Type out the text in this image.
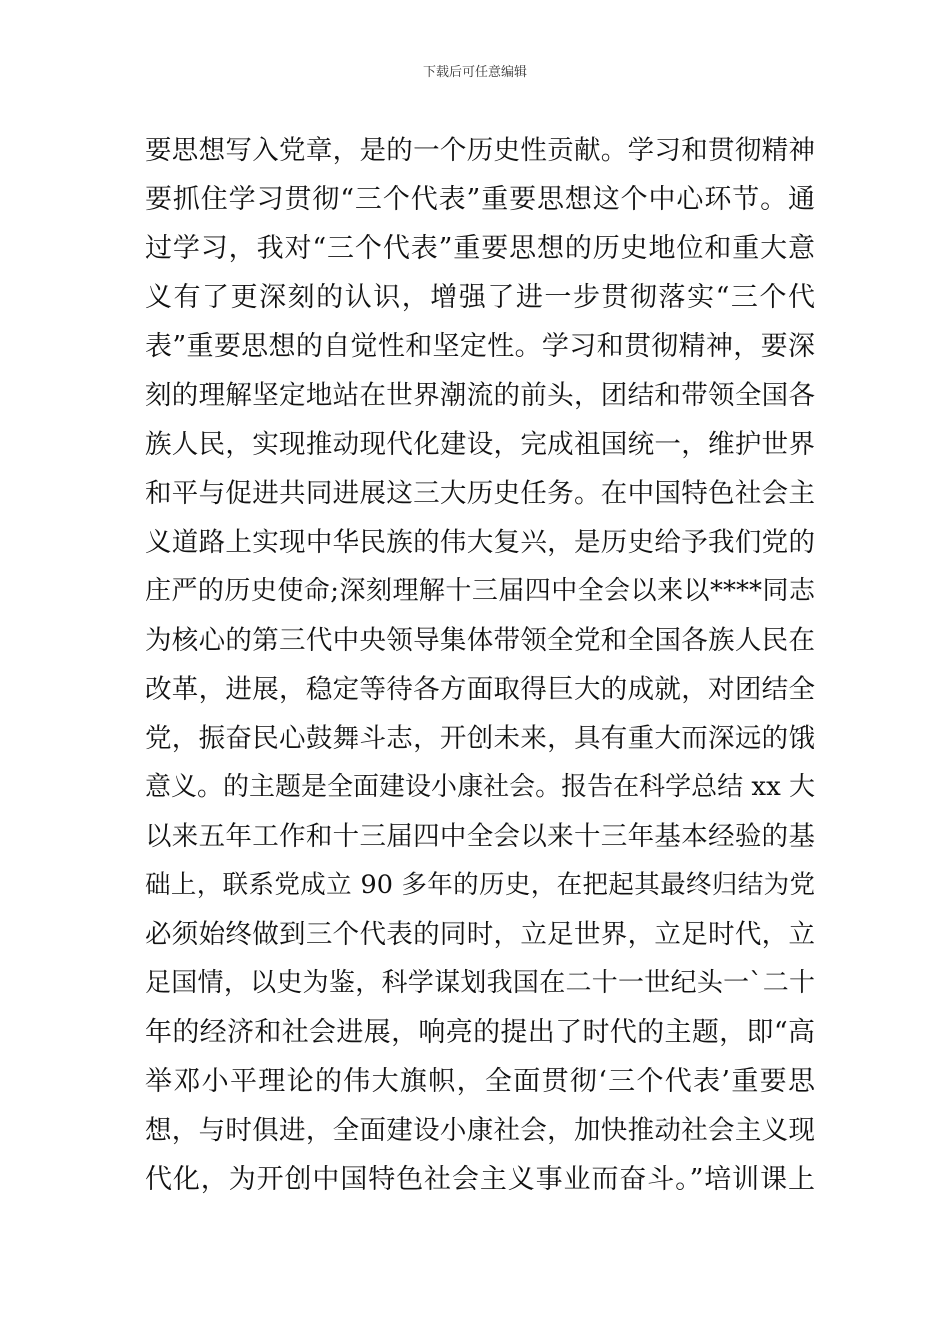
下载后可任意编辑
要思想写入党章，是的一个历史性贡献。学习和贯彻精神
要抓住学习贯彻“三个代表”重要思想这个中心环节。通
过学习，我对“三个代表”重要思想的历史地位和重大意
义有了更深刻的认识，增强了进一步贯彻落实“三个代
表”重要思想的自觉性和坚定性。学习和贯彻精神，要深
刻的理解坚定地站在世界潮流的前头，团结和带领全国各
族人民，实现推动现代化建设，完成祖国统一，维护世界
和平与促进共同进展这三大历史任务。在中国特色社会主
义道路上实现中华民族的伟大复兴，是历史给予我们党的
庄严的历史使命;深刻理解十三届四中全会以来以****同志
为核心的第三代中央领导集体带领全党和全国各族人民在
改革，进展，稳定等待各方面取得巨大的成就，对团结全
党，振奋民心鼓舞斗志，开创未来，具有重大而深远的饿
意义。的主题是全面建设小康社会。报告在科学总结 xx 大
以来五年工作和十三届四中全会以来十三年基本经验的基
础上，联系党成立 90 多年的历史，在把起其最终归结为党
必须始终做到三个代表的同时，立足世界，立足时代，立
足国情，以史为鉴，科学谋划我国在二十一世纪头一`二十
年的经济和社会进展，响亮的提出了时代的主题，即“高
举邓小平理论的伟大旗帜，全面贯彻‘三个代表’重要思
想，与时俱进，全面建设小康社会，加快推动社会主义现
代化，为开创中国特色社会主义事业而奋斗。”培训课上
